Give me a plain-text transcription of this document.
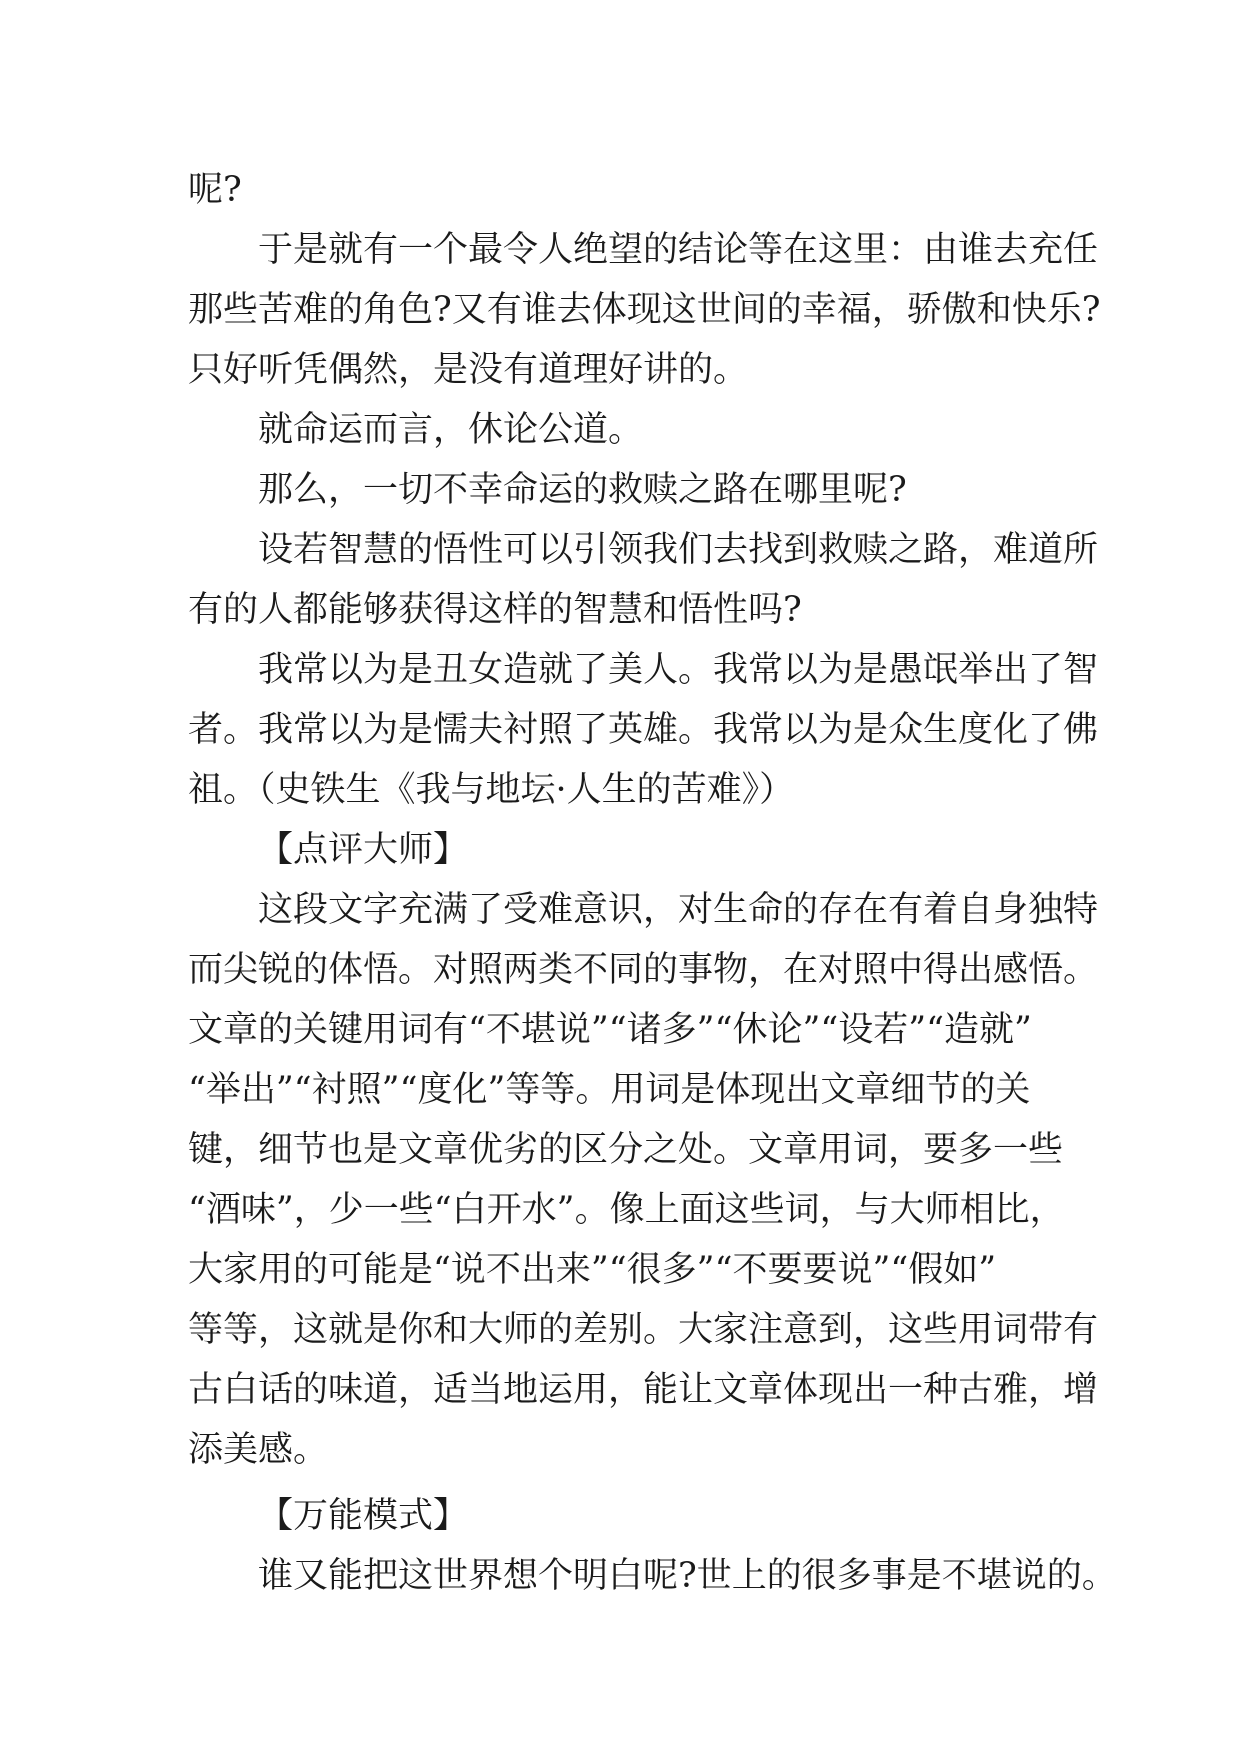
呢?
于是就有一个最令人绝望的结论等在这里：由谁去充任
那些苦难的角色?又有谁去体现这世间的幸福，骄傲和快乐?
只好听凭偶然，是没有道理好讲的。
就命运而言，休论公道。
那么，一切不幸命运的救赎之路在哪里呢?
设若智慧的悟性可以引领我们去找到救赎之路，难道所
有的人都能够获得这样的智慧和悟性吗?
我常以为是丑女造就了美人。我常以为是愚氓举出了智
者。我常以为是懦夫衬照了英雄。我常以为是众生度化了佛
祖。（史铁生《我与地坛·人生的苦难》）
【点评大师】
这段文字充满了受难意识，对生命的存在有着自身独特
而尖锐的体悟。对照两类不同的事物，在对照中得出感悟。
文章的关键用词有“不堪说”“诸多”“休论”“设若”“造就”
“举出”“衬照”“度化”等等。用词是体现出文章细节的关
键，细节也是文章优劣的区分之处。文章用词，要多一些
“酒味”，少一些“白开水”。像上面这些词，与大师相比，
大家用的可能是“说不出来”“很多”“不要要说”“假如”
等等，这就是你和大师的差别。大家注意到，这些用词带有
古白话的味道，适当地运用，能让文章体现出一种古雅，增
添美感。
【万能模式】
谁又能把这世界想个明白呢?世上的很多事是不堪说的。
